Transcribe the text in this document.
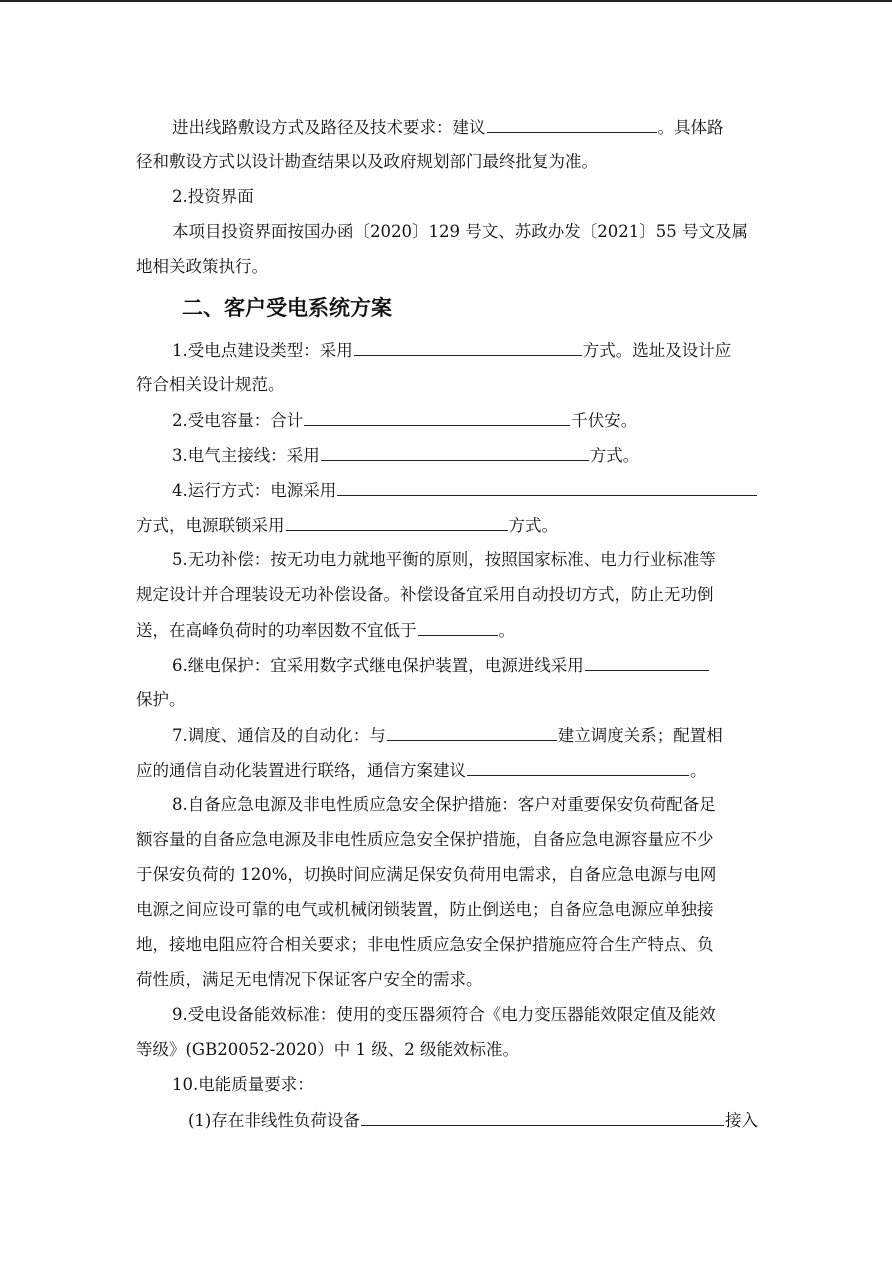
进出线路敷设方式及路径及技术要求：建议	。具体路
径和敷设方式以设计勘查结果以及政府规划部门最终批复为准。
2.投资界面
本项目投资界面按国办函〔2020〕129 号文、苏政办发〔2021〕55 号文及属
地相关政策执行。
二、客户受电系统方案
1.受电点建设类型：采用	方式。选址及设计应
符合相关设计规范。
2.受电容量：合计	千伏安。
3.电气主接线：采用	方式。
4.运行方式：电源采用
方式，电源联锁采用	方式。
5.无功补偿：按无功电力就地平衡的原则，按照国家标准、电力行业标准等
规定设计并合理装设无功补偿设备。补偿设备宜采用自动投切方式，防止无功倒
送，在高峰负荷时的功率因数不宜低于	。
6.继电保护：宜采用数字式继电保护装置，电源进线采用
保护。
7.调度、通信及的自动化：与	建立调度关系；配置相
应的通信自动化装置进行联络，通信方案建议	。
8.自备应急电源及非电性质应急安全保护措施：客户对重要保安负荷配备足
额容量的自备应急电源及非电性质应急安全保护措施，自备应急电源容量应不少
于保安负荷的 120%，切换时间应满足保安负荷用电需求，自备应急电源与电网
电源之间应设可靠的电气或机械闭锁装置，防止倒送电；自备应急电源应单独接
地，接地电阻应符合相关要求；非电性质应急安全保护措施应符合生产特点、负
荷性质，满足无电情况下保证客户安全的需求。
9.受电设备能效标准：使用的变压器须符合《电力变压器能效限定值及能效
等级》(GB20052-2020）中 1 级、2 级能效标准。
10.电能质量要求：
(1)存在非线性负荷设备	接入
